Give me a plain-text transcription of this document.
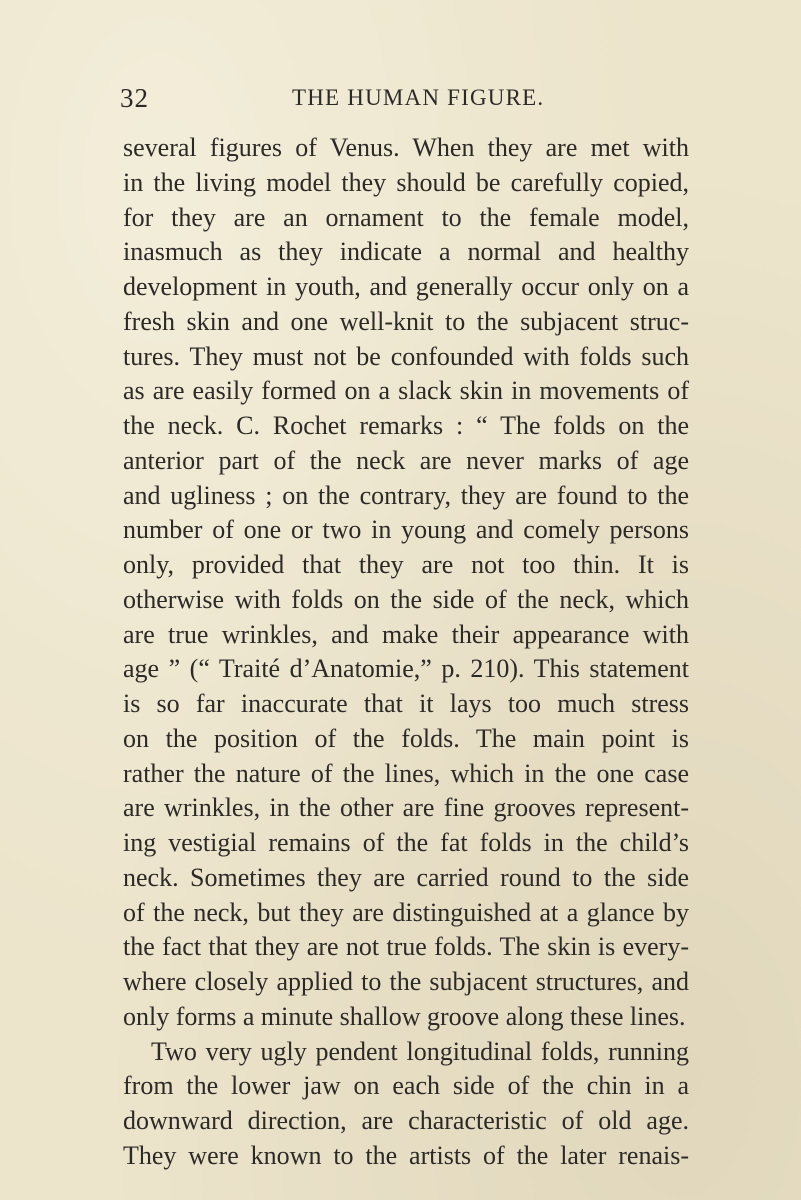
32	THE HUMAN FIGURE.
several figures of Venus. When they are met with
in the living model they should be carefully copied,
for they are an ornament to the female model,
inasmuch as they indicate a normal and healthy
development in youth, and generally occur only on a
fresh skin and one well-knit to the subjacent struc-
tures. They must not be confounded with folds such
as are easily formed on a slack skin in movements of
the neck. C. Rochet remarks : “ The folds on the
anterior part of the neck are never marks of age
and ugliness ; on the contrary, they are found to the
number of one or two in young and comely persons
only, provided that they are not too thin. It is
otherwise with folds on the side of the neck, which
are true wrinkles, and make their appearance with
age ” (“ Traité d’Anatomie,” p. 210). This statement
is so far inaccurate that it lays too much stress
on the position of the folds. The main point is
rather the nature of the lines, which in the one case
are wrinkles, in the other are fine grooves represent-
ing vestigial remains of the fat folds in the child’s
neck. Sometimes they are carried round to the side
of the neck, but they are distinguished at a glance by
the fact that they are not true folds. The skin is every-
where closely applied to the subjacent structures, and
only forms a minute shallow groove along these lines.
Two very ugly pendent longitudinal folds, running
from the lower jaw on each side of the chin in a
downward direction, are characteristic of old age.
They were known to the artists of the later renais-
